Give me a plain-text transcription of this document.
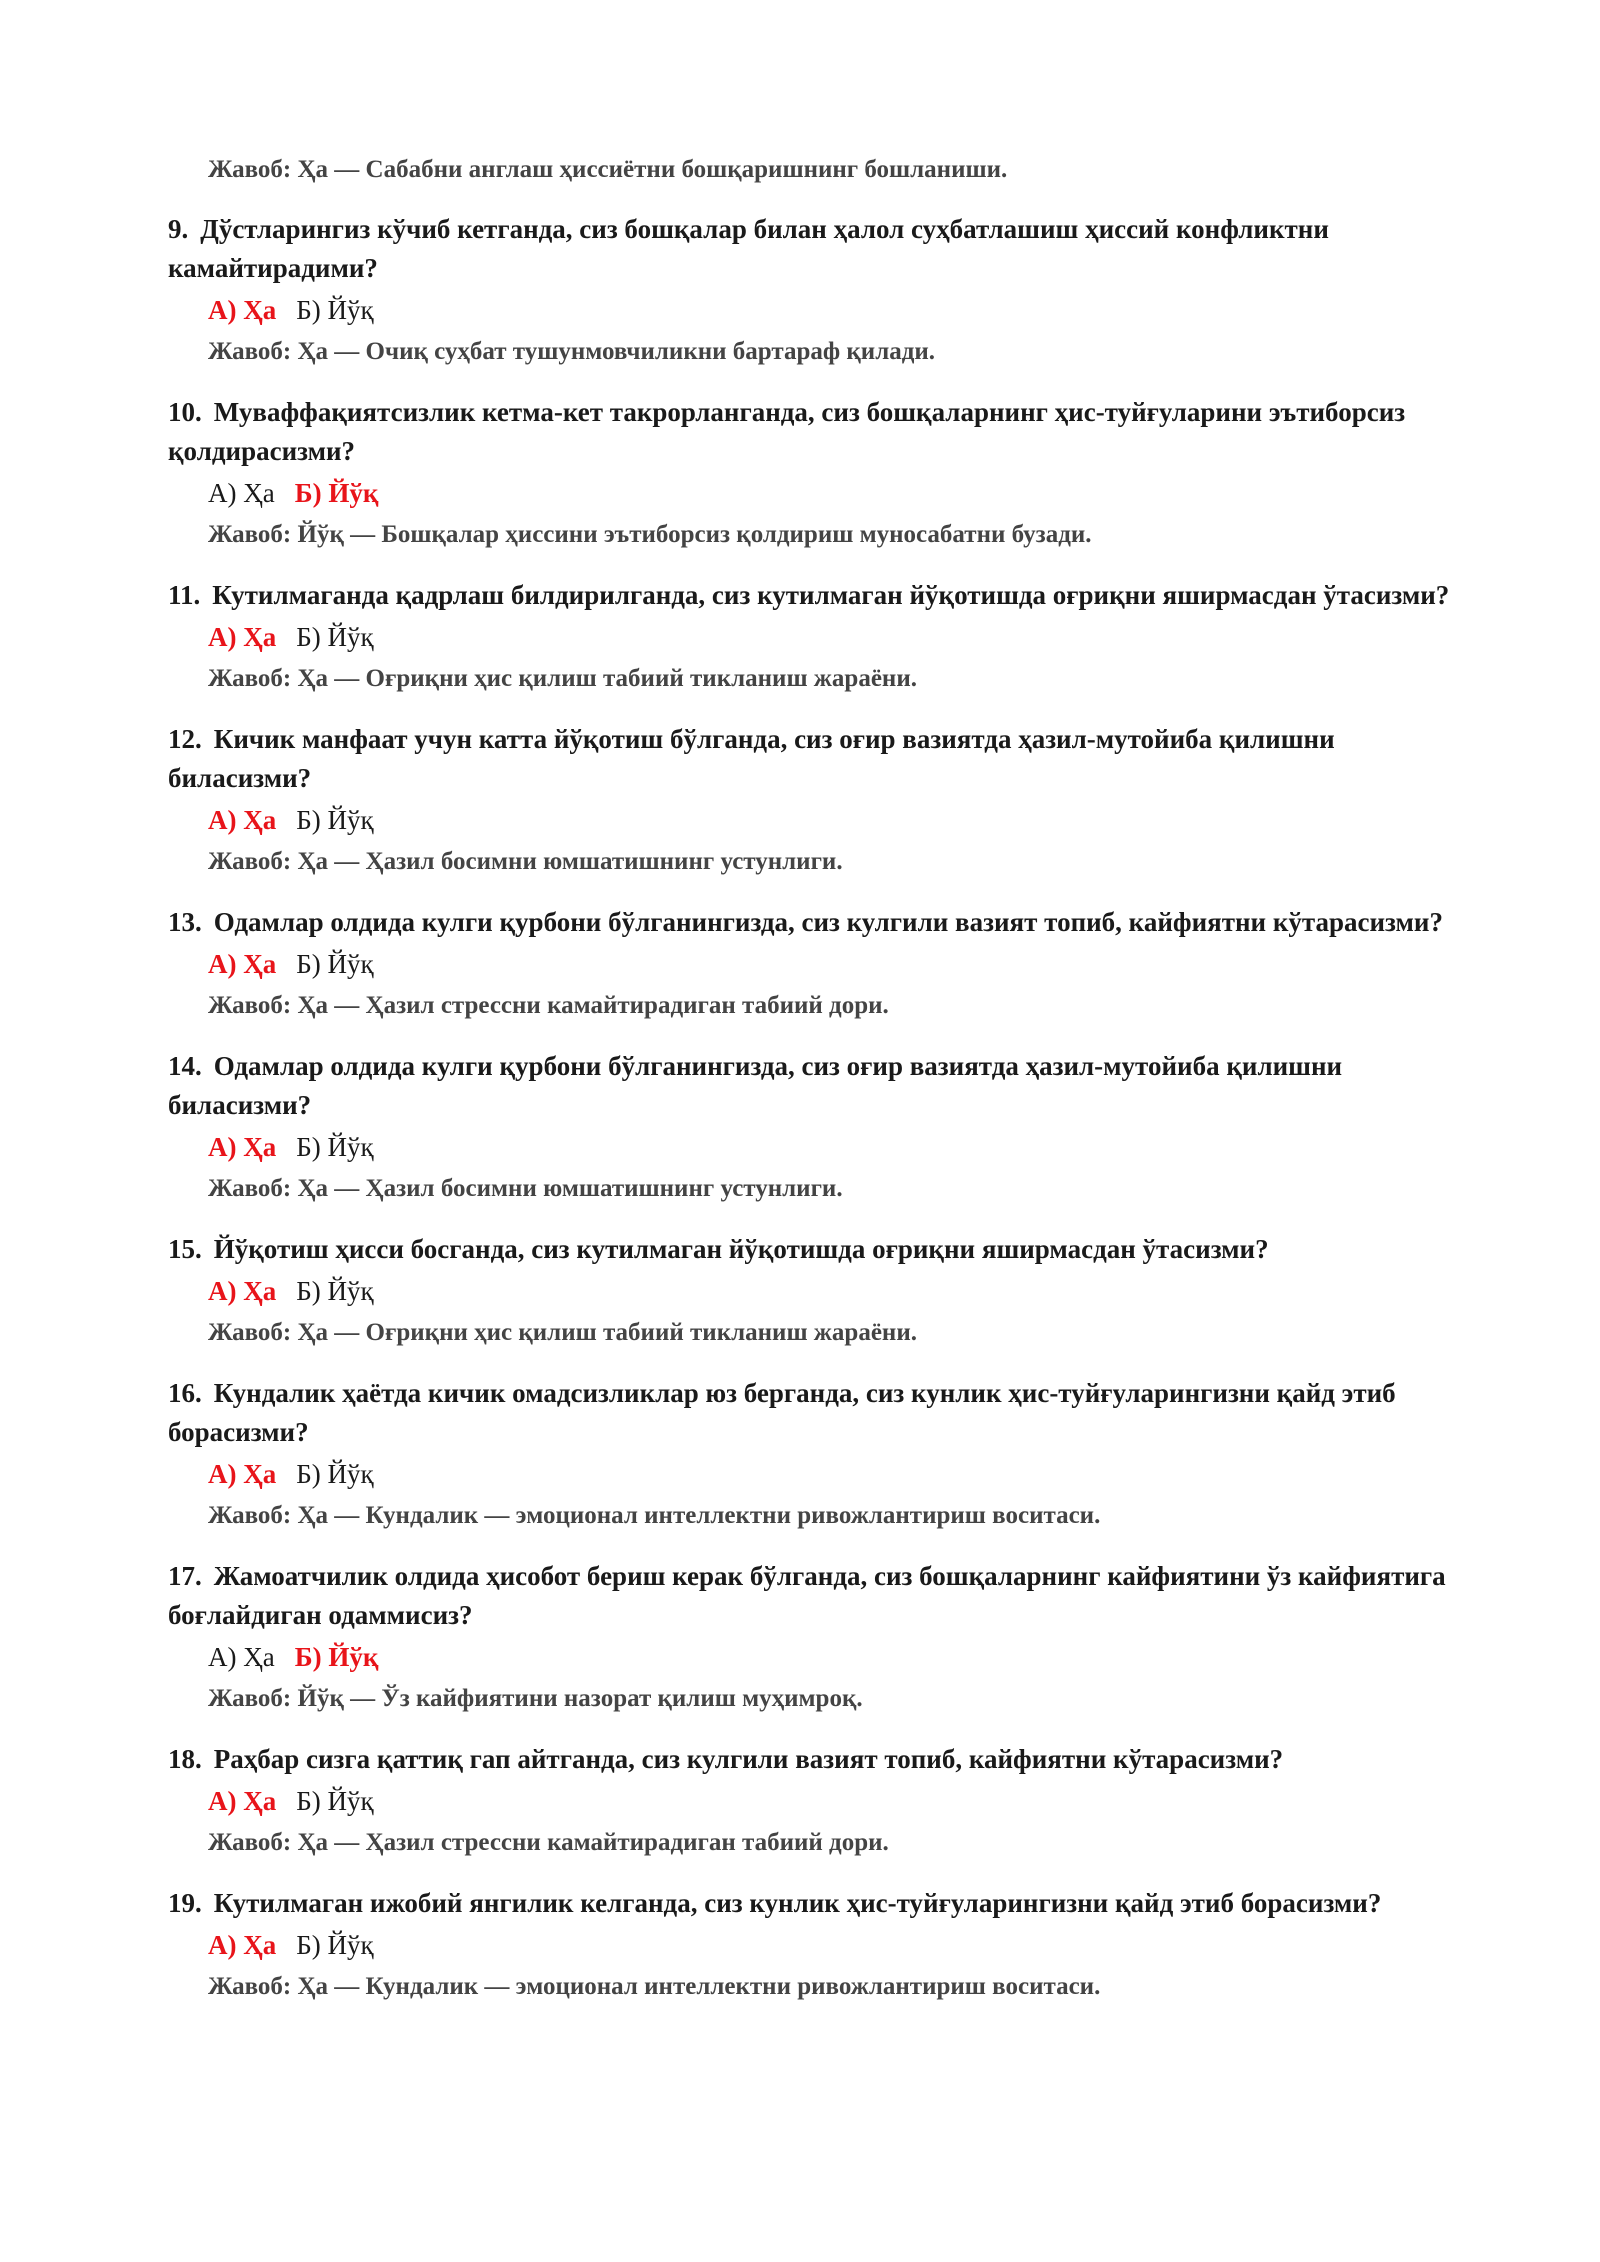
Жавоб: Ҳа — Сабабни англаш ҳиссиётни бошқаришнинг бошланиши.
9. Дўстларингиз кўчиб кетганда, сиз бошқалар билан ҳалол суҳбатлашиш ҳиссий конфликтни камайтирадими?
А) Ҳа Б) Йўқ
Жавоб: Ҳа — Очиқ суҳбат тушунмовчиликни бартараф қилади.
10. Муваффақиятсизлик кетма-кет такрорланганда, сиз бошқаларнинг ҳис-туйғуларини эътиборсиз қолдирасизми?
А) Ҳа Б) Йўқ
Жавоб: Йўқ — Бошқалар ҳиссини эътиборсиз қолдириш муносабатни бузади.
11. Кутилмаганда қадрлаш билдирилганда, сиз кутилмаган йўқотишда оғриқни яширмасдан ўтасизми?
А) Ҳа Б) Йўқ
Жавоб: Ҳа — Оғриқни ҳис қилиш табиий тикланиш жараёни.
12. Кичик манфаат учун катта йўқотиш бўлганда, сиз оғир вазиятда ҳазил-мутойиба қилишни биласизми?
А) Ҳа Б) Йўқ
Жавоб: Ҳа — Ҳазил босимни юмшатишнинг устунлиги.
13. Одамлар олдида кулги қурбони бўлганингизда, сиз кулгили вазият топиб, кайфиятни кўтарасизми?
А) Ҳа Б) Йўқ
Жавоб: Ҳа — Ҳазил стрессни камайтирадиган табиий дори.
14. Одамлар олдида кулги қурбони бўлганингизда, сиз оғир вазиятда ҳазил-мутойиба қилишни биласизми?
А) Ҳа Б) Йўқ
Жавоб: Ҳа — Ҳазил босимни юмшатишнинг устунлиги.
15. Йўқотиш ҳисси босганда, сиз кутилмаган йўқотишда оғриқни яширмасдан ўтасизми?
А) Ҳа Б) Йўқ
Жавоб: Ҳа — Оғриқни ҳис қилиш табиий тикланиш жараёни.
16. Кундалик ҳаётда кичик омадсизликлар юз берганда, сиз кунлик ҳис-туйғуларингизни қайд этиб борасизми?
А) Ҳа Б) Йўқ
Жавоб: Ҳа — Кундалик — эмоционал интеллектни ривожлантириш воситаси.
17. Жамоатчилик олдида ҳисобот бериш керак бўлганда, сиз бошқаларнинг кайфиятини ўз кайфиятига боғлайдиган одаммисиз?
А) Ҳа Б) Йўқ
Жавоб: Йўқ — Ўз кайфиятини назорат қилиш муҳимроқ.
18. Раҳбар сизга қаттиқ гап айтганда, сиз кулгили вазият топиб, кайфиятни кўтарасизми?
А) Ҳа Б) Йўқ
Жавоб: Ҳа — Ҳазил стрессни камайтирадиган табиий дори.
19. Кутилмаган ижобий янгилик келганда, сиз кунлик ҳис-туйғуларингизни қайд этиб борасизми?
А) Ҳа Б) Йўқ
Жавоб: Ҳа — Кундалик — эмоционал интеллектни ривожлантириш воситаси.
